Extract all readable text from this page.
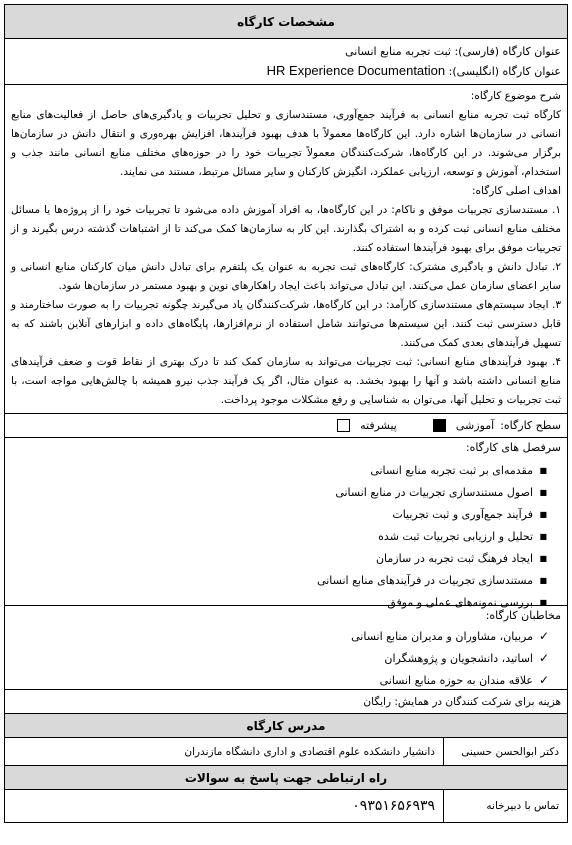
مشخصات کارگاه
عنوان کارگاه (فارسی): ثبت تجربه منابع انسانی
عنوان کارگاه (انگلیسی): HR Experience Documentation

شرح موضوع کارگاه:

کارگاه ثبت تجربه منابع انسانی به فرآیند جمع‌آوری، مستندسازی و تحلیل تجربیات و یادگیری‌های حاصل از فعالیت‌های منابع انسانی در سازمان‌ها اشاره دارد. این کارگاه‌ها معمولاً با هدف بهبود فرآیندها، افزایش بهره‌وری و انتقال دانش در سازمان‌ها برگزار می‌شوند. در این کارگاه‌ها، شرکت‌کنندگان معمولاً تجربیات خود را در حوزه‌های مختلف منابع انسانی مانند جذب و استخدام، آموزش و توسعه، ارزیابی عملکرد، انگیزش کارکنان و سایر مسائل مرتبط، مستند می نمایند.

اهداف اصلی کارگاه:

۱. مستندسازی تجربیات موفق و ناکام: در این کارگاه‌ها، به افراد آموزش داده می‌شود تا تجربیات خود را از پروژه‌ها یا مسائل مختلف منابع انسانی ثبت کرده و به اشتراک بگذارند. این کار به سازمان‌ها کمک می‌کند تا از اشتباهات گذشته درس بگیرند و از تجربیات موفق برای بهبود فرآیندها استفاده کنند.

۲. تبادل دانش و یادگیری مشترک: کارگاه‌های ثبت تجربه به عنوان یک پلتفرم برای تبادل دانش میان کارکنان منابع انسانی و سایر اعضای سازمان عمل می‌کنند. این تبادل می‌تواند باعث ایجاد راهکارهای نوین و بهبود مستمر در سازمان‌ها شود.

۳. ایجاد سیستم‌های مستندسازی کارآمد: در این کارگاه‌ها، شرکت‌کنندگان یاد می‌گیرند چگونه تجربیات را به صورت ساختارمند و قابل دسترسی ثبت کنند. این سیستم‌ها می‌توانند شامل استفاده از نرم‌افزارها، پایگاه‌های داده و ابزارهای آنلاین باشند که به تسهیل فرآیندهای بعدی کمک می‌کنند.

۴. بهبود فرآیندهای منابع انسانی: ثبت تجربیات می‌تواند به سازمان کمک کند تا درک بهتری از نقاط قوت و ضعف فرآیندهای منابع انسانی داشته باشد و آنها را بهبود بخشد. به عنوان مثال، اگر یک فرآیند جذب نیرو همیشه با چالش‌هایی مواجه است، با ثبت تجربیات و تحلیل آنها، می‌توان به شناسایی و رفع مشکلات موجود پرداخت.

سطح کارگاه:
آموزشی
پیشرفته
سرفصل های کارگاه:
■
مقدمه‌ای بر ثبت تجربه منابع انسانی
■
اصول مستندسازی تجربیات در منابع انسانی
■
فرآیند جمع‌آوری و ثبت تجربیات
■
تحلیل و ارزیابی تجربیات ثبت شده
■
ایجاد فرهنگ ثبت تجربه در سازمان
■
مستندسازی تجربیات در فرآیندهای منابع انسانی
■
بررسی نمونه‌های عملی و موفق
مخاطبان کارگاه:
✓
مربیان، مشاوران و مدیران منابع انسانی
✓
اساتید، دانشجویان و پژوهشگران
✓
علاقه مندان به حوزه منابع انسانی
هزینه برای شرکت کنندگان در همایش: رایگان
مدرس کارگاه
دکتر ابوالحسن حسینی
دانشیار دانشکده علوم اقتصادی و اداری دانشگاه مازندران
راه ارتباطی جهت پاسخ به سوالات
تماس با دبیرخانه
۰۹۳۵۱۶۵۶۹۳۹
